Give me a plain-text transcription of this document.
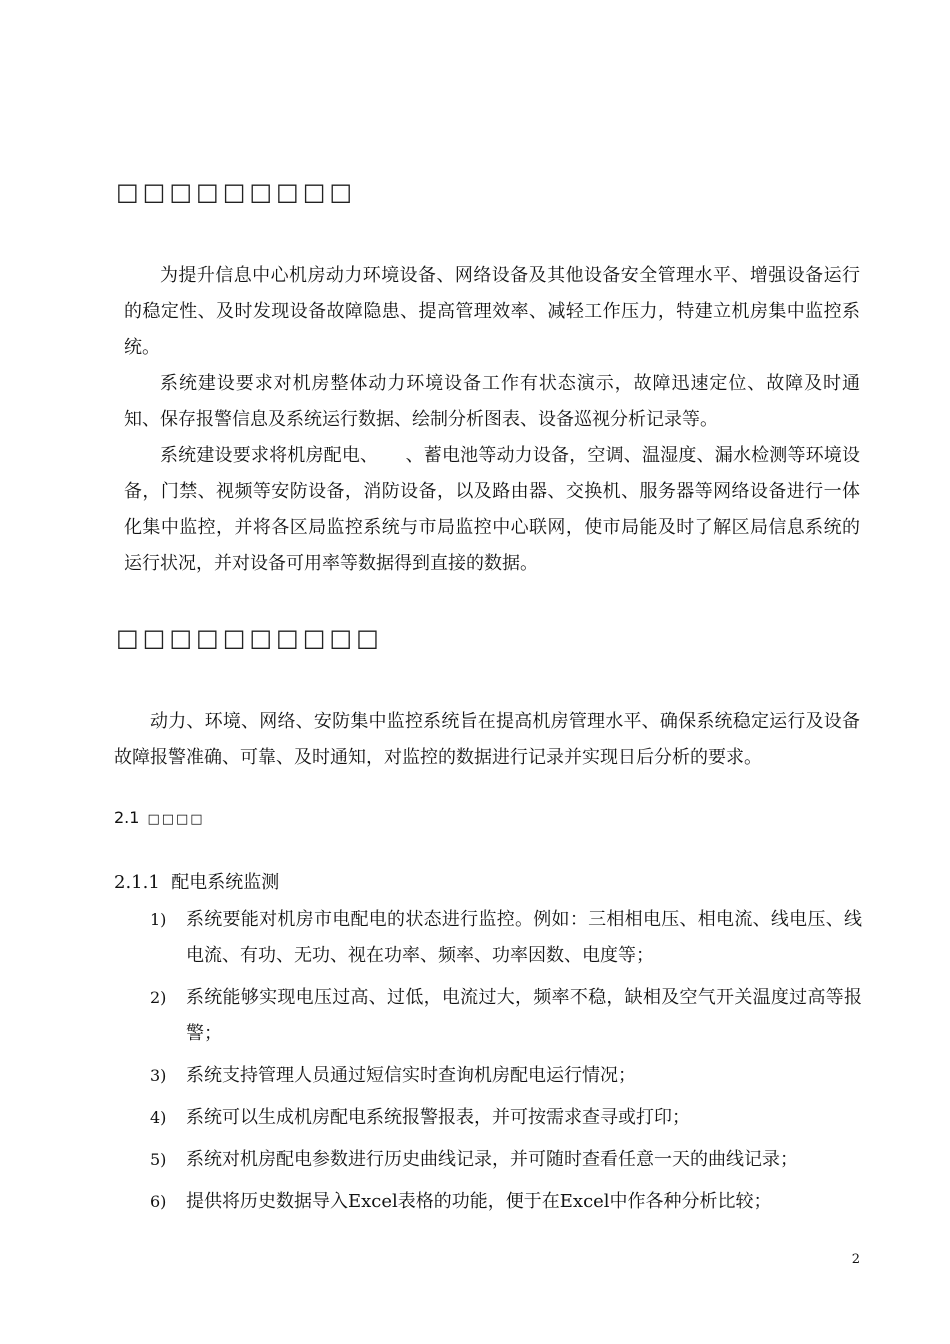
□□□□□□□□□

为提升信息中心机房动力环境设备、网络设备及其他设备安全管理水平、增强设备运行的稳定性、及时发现设备故障隐患、提高管理效率、减轻工作压力，特建立机房集中监控系统。

系统建设要求对机房整体动力环境设备工作有状态演示，故障迅速定位、故障及时通知、保存报警信息及系统运行数据、绘制分析图表、设备巡视分析记录等。

系统建设要求将机房配电、　　、蓄电池等动力设备，空调、温湿度、漏水检测等环境设备，门禁、视频等安防设备，消防设备，以及路由器、交换机、服务器等网络设备进行一体化集中监控，并将各区局监控系统与市局监控中心联网，使市局能及时了解区局信息系统的运行状况，并对设备可用率等数据得到直接的数据。

□□□□□□□□□□

动力、环境、网络、安防集中监控系统旨在提高机房管理水平、确保系统稳定运行及设备故障报警准确、可靠、及时通知，对监控的数据进行记录并实现日后分析的要求。

2.1 □□□□
2.1.1 配电系统监测
1) 系统要能对机房市电配电的状态进行监控。例如：三相相电压、相电流、线电压、线电流、有功、无功、视在功率、频率、功率因数、电度等；
2) 系统能够实现电压过高、过低，电流过大，频率不稳，缺相及空气开关温度过高等报警；
3) 系统支持管理人员通过短信实时查询机房配电运行情况；
4) 系统可以生成机房配电系统报警报表，并可按需求查寻或打印；
5) 系统对机房配电参数进行历史曲线记录，并可随时查看任意一天的曲线记录；
6) 提供将历史数据导入Excel表格的功能，便于在Excel中作各种分析比较；
2
